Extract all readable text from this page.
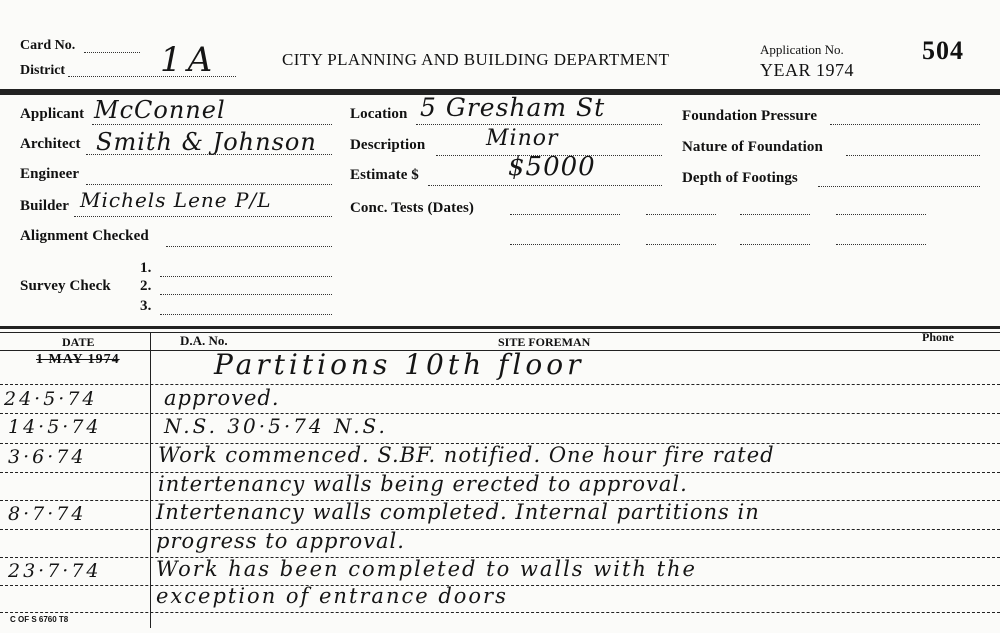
Card No.
District	1A	CITY PLANNING AND BUILDING DEPARTMENT
Application No.
YEAR 1974
504
Applicant McConnel
Architect Smith & Johnson
Engineer
Builder Michels Lene P/L
Alignment Checked
Survey Check
1.
2.
3.
Location 5 Gresham St
Description	Minor
Estimate $	$5000
Conc. Tests (Dates)
Foundation Pressure
Nature of Foundation
Depth of Footings
DATE	D.A. No.	SITE FOREMAN	Phone
1 MAY 1974	Partitions 10th floor
24·5·74	approved.
14·5·74	N.S. 30·5·74 N.S.
3·6·74	Work commenced. S.BF. notified. One hour fire rated
intertenancy walls being erected to approval.
8·7·74	Intertenancy walls completed. Internal partitions in
progress to approval.
23·7·74	Work has been completed to walls with the
exception of entrance doors
C OF S 6760 T8
